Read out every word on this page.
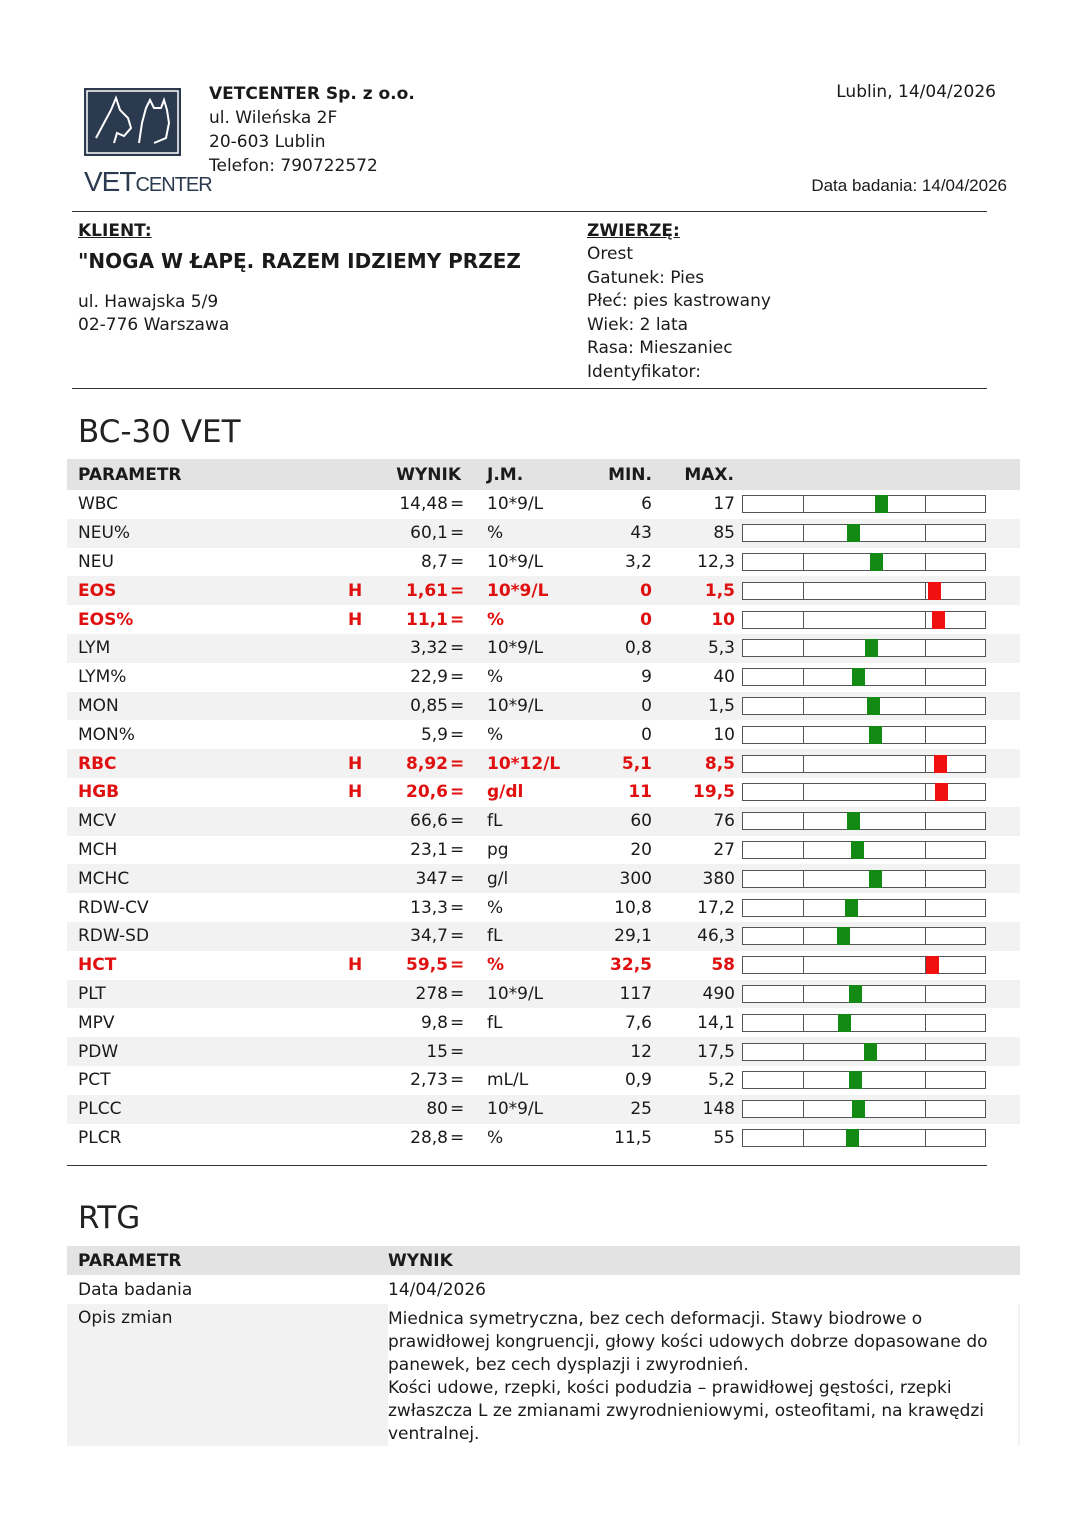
VETCENTER
VETCENTER Sp. z o.o.
ul. Wileńska 2F
20-603 Lublin
Telefon: 790722572
Lublin, 14/04/2026
Data badania: 14/04/2026
KLIENT:
"NOGA W ŁAPĘ. RAZEM IDZIEMY PRZEZ
ul. Hawajska 5/9
02-776 Warszawa
ZWIERZĘ:
Orest
Gatunek: Pies
Płeć: pies kastrowany
Wiek: 2 lata
Rasa: Mieszaniec
Identyfikator:
BC-30 VET
PARAMETR	WYNIK J.M.	MIN. MAX.
WBC	14,48 = 10*9/L	6	17
NEU%	60,1 = %	43	85
NEU	8,7 = 10*9/L	3,2	12,3
EOS	H	1,61 = 10*9/L	0	1,5
EOS%	H	11,1 = %	0	10
LYM	3,32 = 10*9/L	0,8	5,3
LYM%	22,9 = %	9	40
MON	0,85 = 10*9/L	0	1,5
MON%	5,9 = %	0	10
RBC	H	8,92 = 10*12/L	5,1	8,5
HGB	H	20,6 = g/dl	11 19,5
MCV	66,6 = fL	60	76
MCH	23,1 = pg	20	27
MCHC	347 = g/l	300	380
RDW-CV	13,3 = %	10,8	17,2
RDW-SD	34,7 = fL	29,1	46,3
HCT	H	59,5 = %	32,5	58
PLT	278 = 10*9/L	117	490
MPV	9,8 = fL	7,6	14,1
PDW	15 =	12	17,5
PCT	2,73 = mL/L	0,9	5,2
PLCC	80 = 10*9/L	25	148
PLCR	28,8 = %	11,5	55
RTG
PARAMETR	WYNIK
Data badania	14/04/2026
Opis zmian	Miednica symetryczna, bez cech deformacji. Stawy biodrowe o prawidłowej kongruencji, głowy kości udowych dobrze dopasowane do panewek, bez cech dysplazji i zwyrodnień.
Kości udowe, rzepki, kości podudzia – prawidłowej gęstości, rzepki zwłaszcza L ze zmianami zwyrodnieniowymi, osteofitami, na krawędzi ventralnej.
